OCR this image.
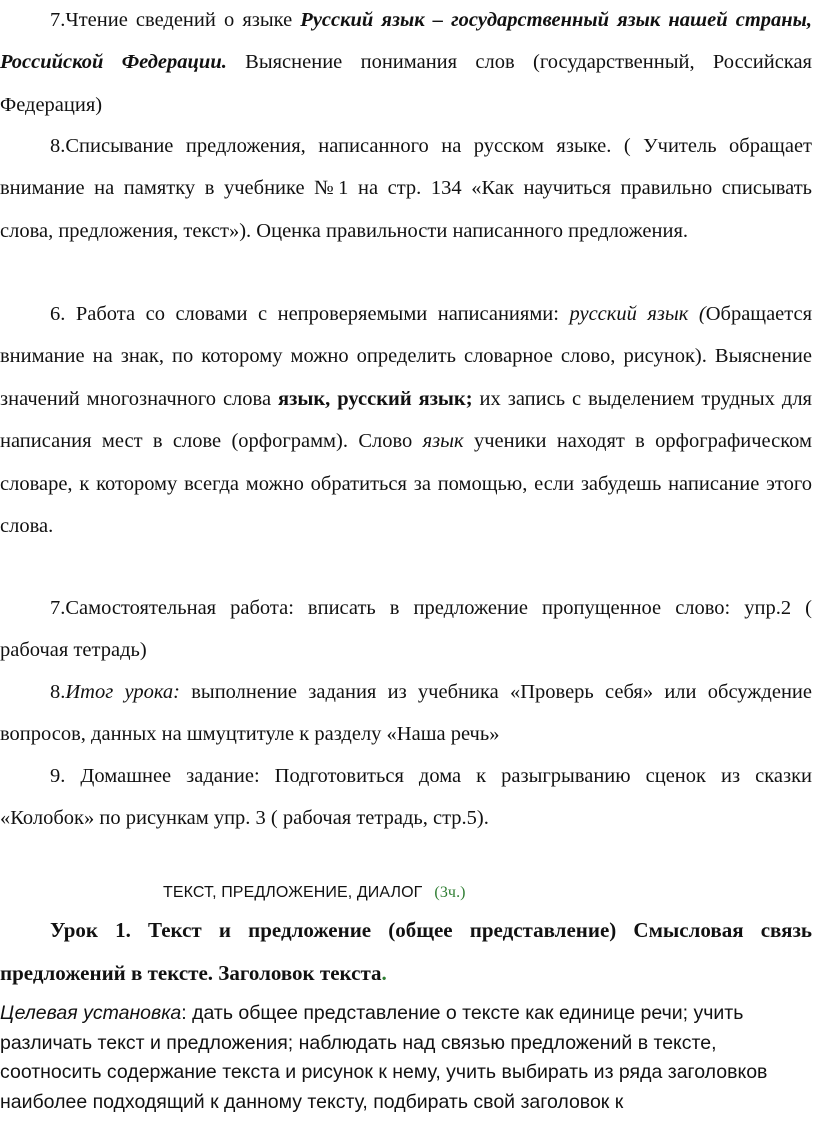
7.Чтение сведений о языке Русский язык – государственный язык нашей страны, Российской Федерации. Выяснение понимания слов (государственный, Российская Федерация)

8.Списывание предложения, написанного на русском языке. ( Учитель обращает внимание на памятку в учебнике №1 на стр. 134 «Как научиться правильно списывать слова, предложения, текст»). Оценка правильности написанного предложения.

6. Работа со словами с непроверяемыми написаниями: русский язык (Обращается внимание на знак, по которому можно определить словарное слово, рисунок). Выяснение значений многозначного слова язык, русский язык; их запись с выделением трудных для написания мест в слове (орфограмм). Слово язык ученики находят в орфографическом словаре, к которому всегда можно обратиться за помощью, если забудешь написание этого слова.

7.Самостоятельная работа: вписать в предложение пропущенное слово: упр.2 ( рабочая тетрадь)

8.Итог урока: выполнение задания из учебника «Проверь себя» или обсуждение вопросов, данных на шмуцтитуле к разделу «Наша речь»

9. Домашнее задание: Подготовиться дома к разыгрыванию сценок из сказки «Колобок» по рисункам упр. 3 ( рабочая тетрадь, стр.5).

ТЕКСТ, ПРЕДЛОЖЕНИЕ, ДИАЛОГ (3ч.)
Урок 1. Текст и предложение (общее представление) Смысловая связь предложений в тексте. Заголовок текста.
Целевая установка: дать общее представление о тексте как единице речи; учить различать текст и предложения; наблюдать над связью предложений в тексте, соотносить содержание текста и рисунок к нему, учить выбирать из ряда заголовков наиболее подходящий к данному тексту, подбирать свой заголовок к
